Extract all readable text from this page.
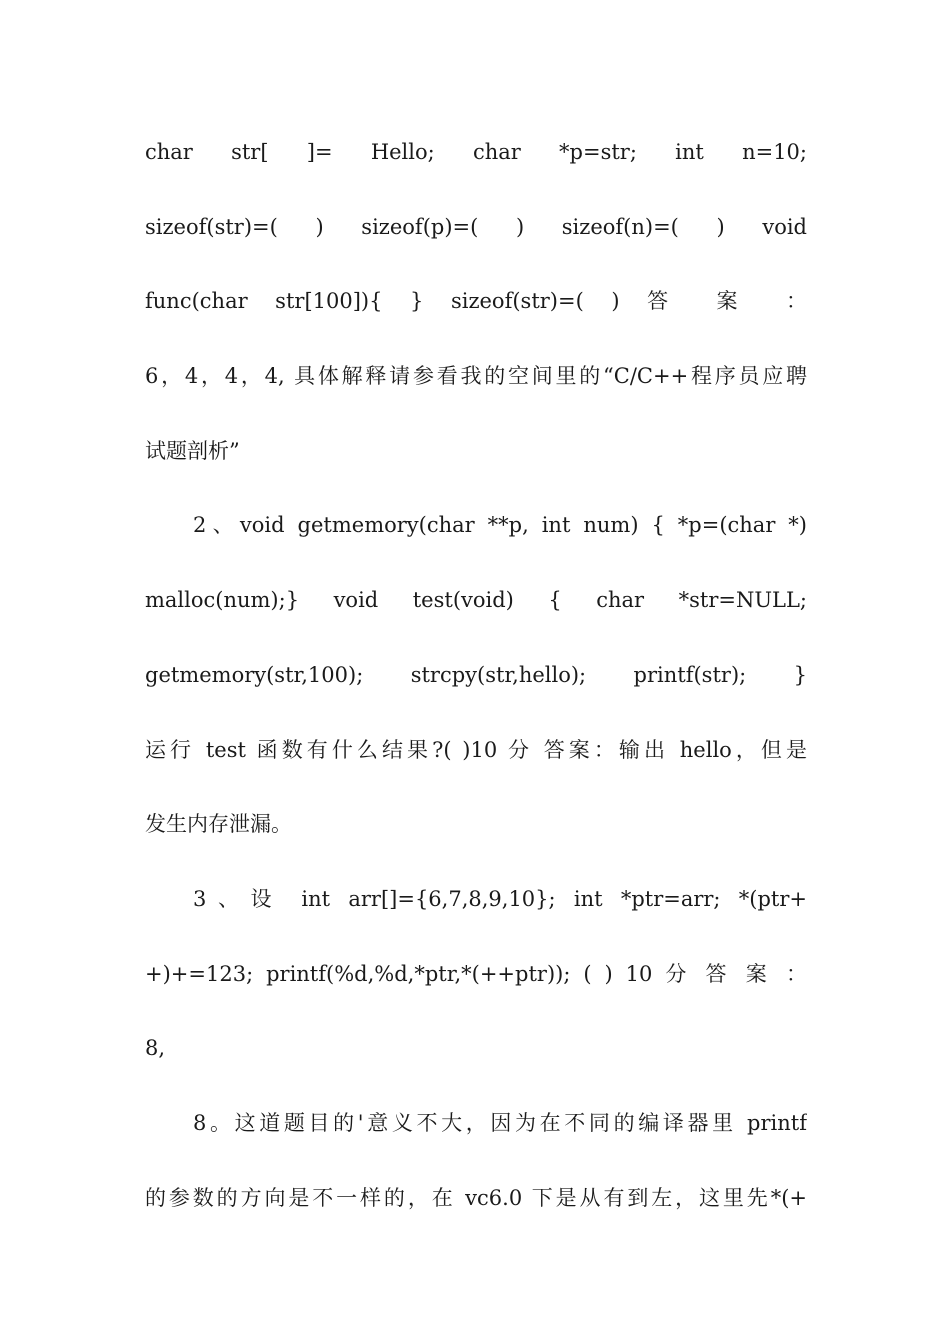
char str[ ]= Hello; char *p=str; int n=10;
sizeof(str)=( ) sizeof(p)=( ) sizeof(n)=( ) void
func(char str[100]){ } sizeof(str)=( ) 答 案 ：
6，4，4，4, 具体解释请参看我的空间里的“C/C++程序员应聘
试题剖析”
2、void getmemory(char **p, int num) { *p=(char *)
malloc(num);} void test(void) { char *str=NULL;
getmemory(str,100); strcpy(str,hello); printf(str); }
运行 test 函数有什么结果?( )10 分 答案：输出 hello，但是
发生内存泄漏。
3、设 int arr[]={6,7,8,9,10}; int *ptr=arr; *(ptr+
+)+=123; printf(%d,%d,*ptr,*(++ptr)); ( ) 10 分 答 案 ：
8,
8。这道题目的'意义不大，因为在不同的编译器里 printf
的参数的方向是不一样的，在 vc6.0 下是从有到左，这里先*(+
